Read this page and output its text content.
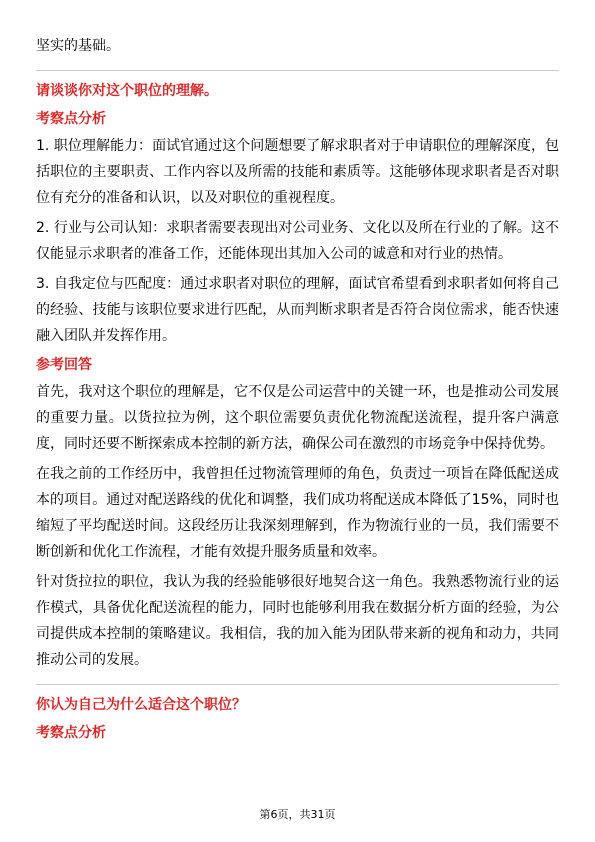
坚实的基础。

请谈谈你对这个职位的理解。

考察点分析

1. 职位理解能力：面试官通过这个问题想要了解求职者对于申请职位的理解深度，包括职位的主要职责、工作内容以及所需的技能和素质等。这能够体现求职者是否对职位有充分的准备和认识，以及对职位的重视程度。

2. 行业与公司认知：求职者需要表现出对公司业务、文化以及所在行业的了解。这不仅能显示求职者的准备工作，还能体现出其加入公司的诚意和对行业的热情。

3. 自我定位与匹配度：通过求职者对职位的理解，面试官希望看到求职者如何将自己的经验、技能与该职位要求进行匹配，从而判断求职者是否符合岗位需求，能否快速融入团队并发挥作用。

参考回答

首先，我对这个职位的理解是，它不仅是公司运营中的关键一环，也是推动公司发展的重要力量。以货拉拉为例，这个职位需要负责优化物流配送流程，提升客户满意度，同时还要不断探索成本控制的新方法，确保公司在激烈的市场竞争中保持优势。

在我之前的工作经历中，我曾担任过物流管理师的角色，负责过一项旨在降低配送成本的项目。通过对配送路线的优化和调整，我们成功将配送成本降低了15%，同时也缩短了平均配送时间。这段经历让我深刻理解到，作为物流行业的一员，我们需要不断创新和优化工作流程，才能有效提升服务质量和效率。

针对货拉拉的职位，我认为我的经验能够很好地契合这一角色。我熟悉物流行业的运作模式，具备优化配送流程的能力，同时也能够利用我在数据分析方面的经验，为公司提供成本控制的策略建议。我相信，我的加入能为团队带来新的视角和动力，共同推动公司的发展。

你认为自己为什么适合这个职位？

考察点分析

第6页，共31页
